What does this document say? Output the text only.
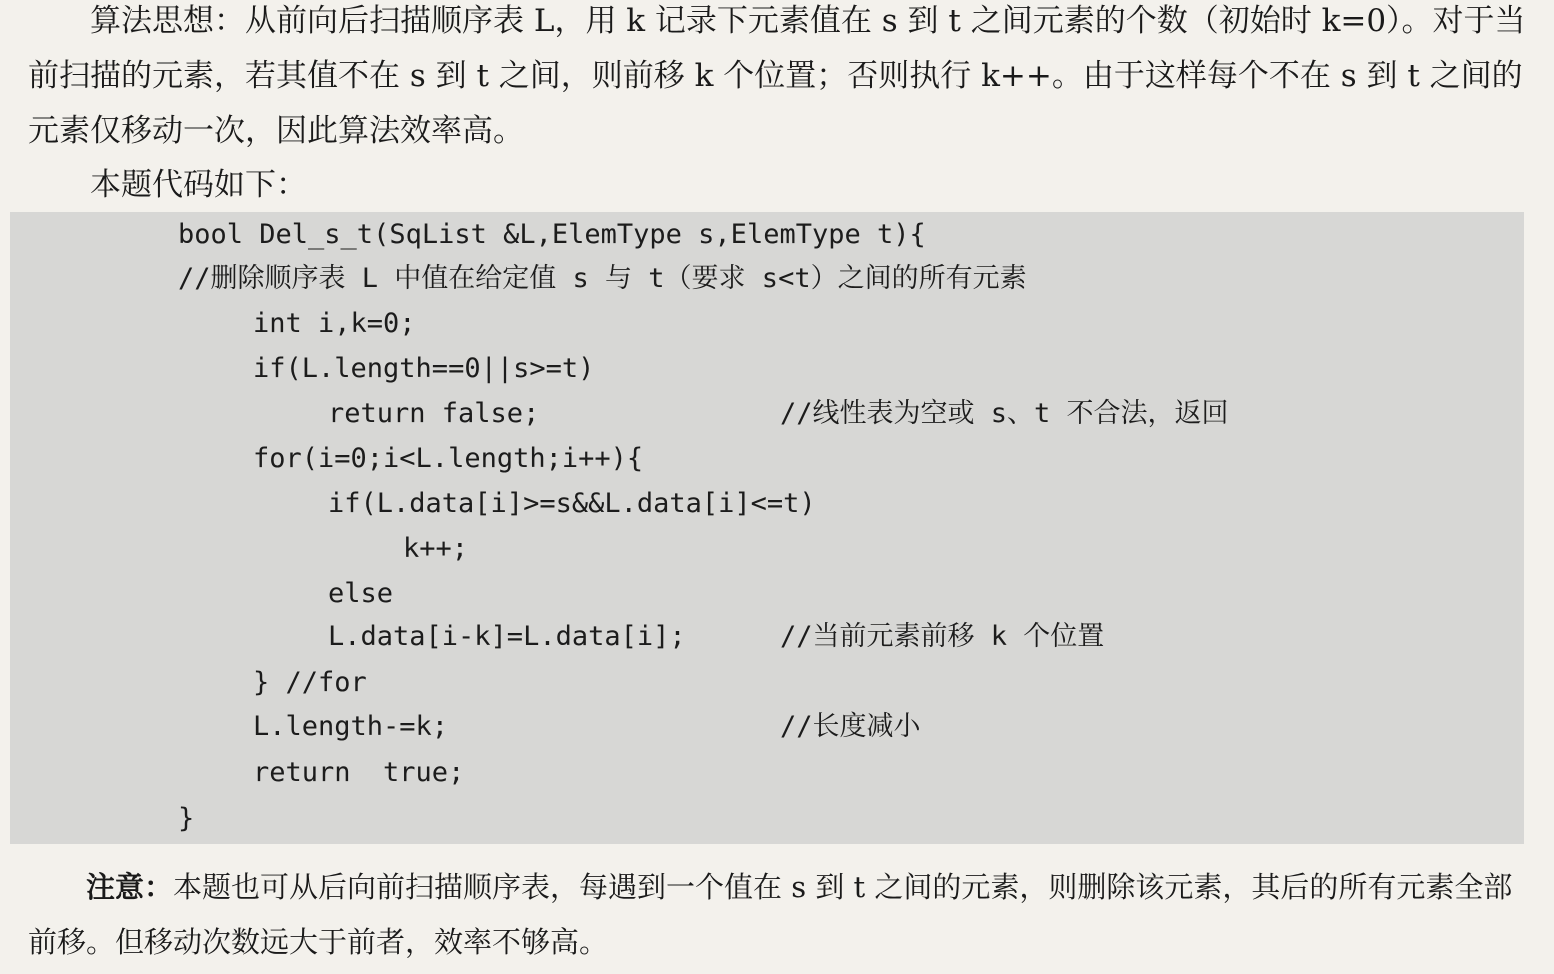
算法思想：从前向后扫描顺序表 L，用 k 记录下元素值在 s 到 t 之间元素的个数（初始时 k=0）。对于当前扫描的元素，若其值不在 s 到 t 之间，则前移 k 个位置；否则执行 k++。由于这样每个不在 s 到 t 之间的元素仅移动一次，因此算法效率高。

本题代码如下：

bool Del_s_t(SqList &L,ElemType s,ElemType t){
//删除顺序表 L 中值在给定值 s 与 t（要求 s<t）之间的所有元素
int i,k=0;
if(L.length==0||s>=t)
return false;	//线性表为空或 s、t 不合法，返回
for(i=0;i<L.length;i++){
if(L.data[i]>=s&&L.data[i]<=t)
k++;
else
L.data[i-k]=L.data[i];	//当前元素前移 k 个位置
} //for
L.length-=k;	//长度减小
return  true;
}

注意：本题也可从后向前扫描顺序表，每遇到一个值在 s 到 t 之间的元素，则删除该元素，其后的所有元素全部前移。但移动次数远大于前者，效率不够高。
